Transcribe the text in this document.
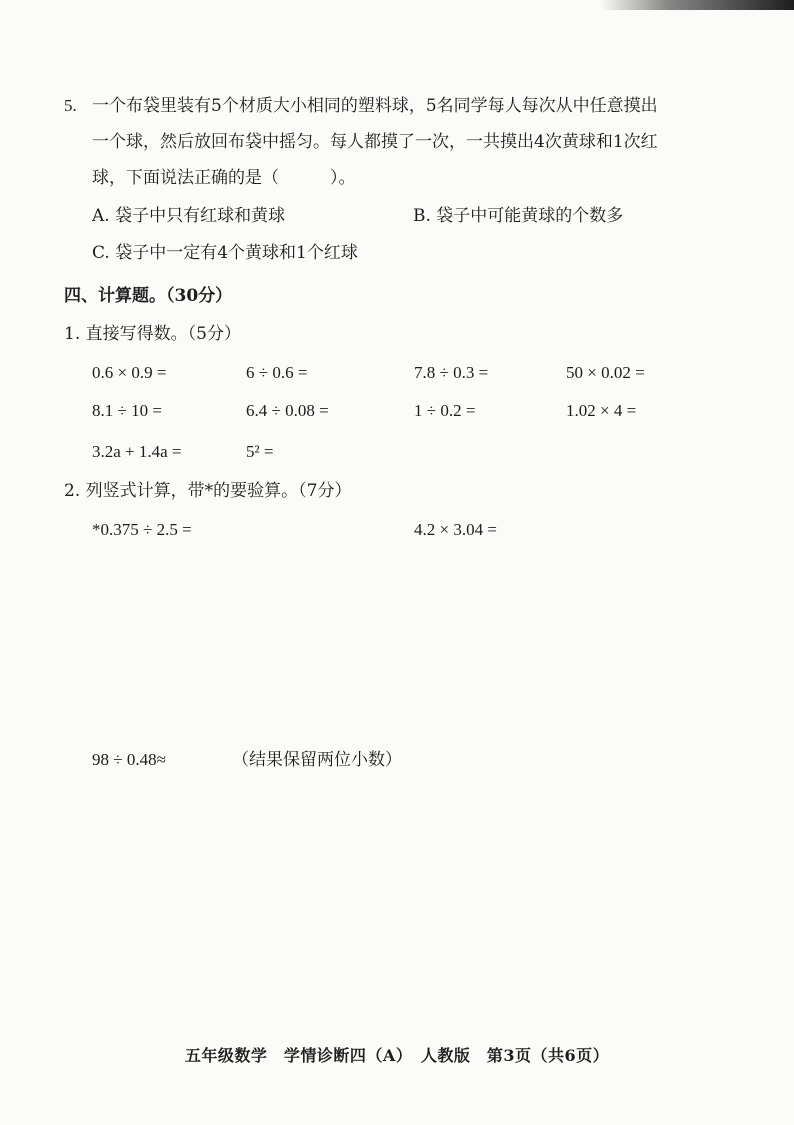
5. 一个布袋里装有5个材质大小相同的塑料球，5名同学每人每次从中任意摸出
一个球，然后放回布袋中摇匀。每人都摸了一次，一共摸出4次黄球和1次红
球，下面说法正确的是（　　　）。
A. 袋子中只有红球和黄球	B. 袋子中可能黄球的个数多
C. 袋子中一定有4个黄球和1个红球
四、计算题。（30分）
1. 直接写得数。（5分）
0.6 × 0.9 =	6 ÷ 0.6 =	7.8 ÷ 0.3 =	50 × 0.02 =
8.1 ÷ 10 =	6.4 ÷ 0.08 =	1 ÷ 0.2 =	1.02 × 4 =
3.2a + 1.4a =	5² =
2. 列竖式计算，带*的要验算。（7分）
*0.375 ÷ 2.5 =	4.2 × 3.04 =
98 ÷ 0.48≈	（结果保留两位小数）
五年级数学　学情诊断四（A）　人教版　第3页（共6页）
